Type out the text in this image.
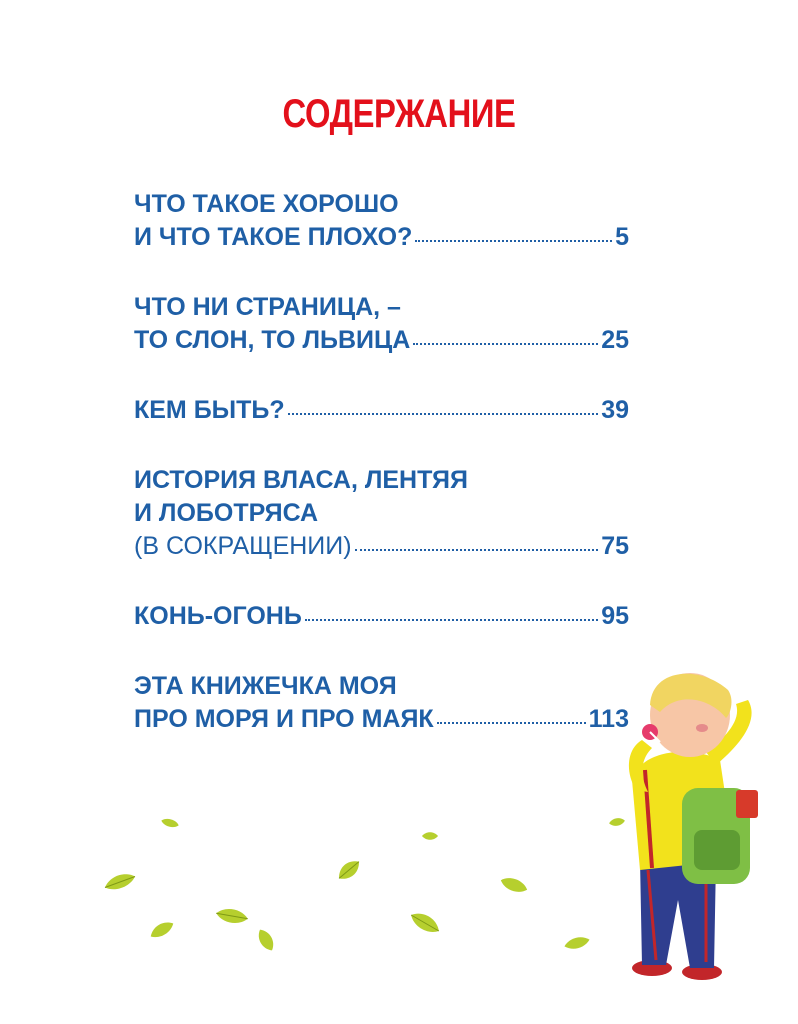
СОДЕРЖАНИЕ
ЧТО ТАКОЕ ХОРОШО
И ЧТО ТАКОЕ ПЛОХО?	5
ЧТО НИ СТРАНИЦА, –
ТО СЛОН, ТО ЛЬВИЦА	25
КЕМ БЫТЬ?	39
ИСТОРИЯ ВЛАСА, ЛЕНТЯЯ
И ЛОБОТРЯСА
(В СОКРАЩЕНИИ)	75
КОНЬ-ОГОНЬ	95
ЭТА КНИЖЕЧКА МОЯ
ПРО МОРЯ И ПРО МАЯК	113
